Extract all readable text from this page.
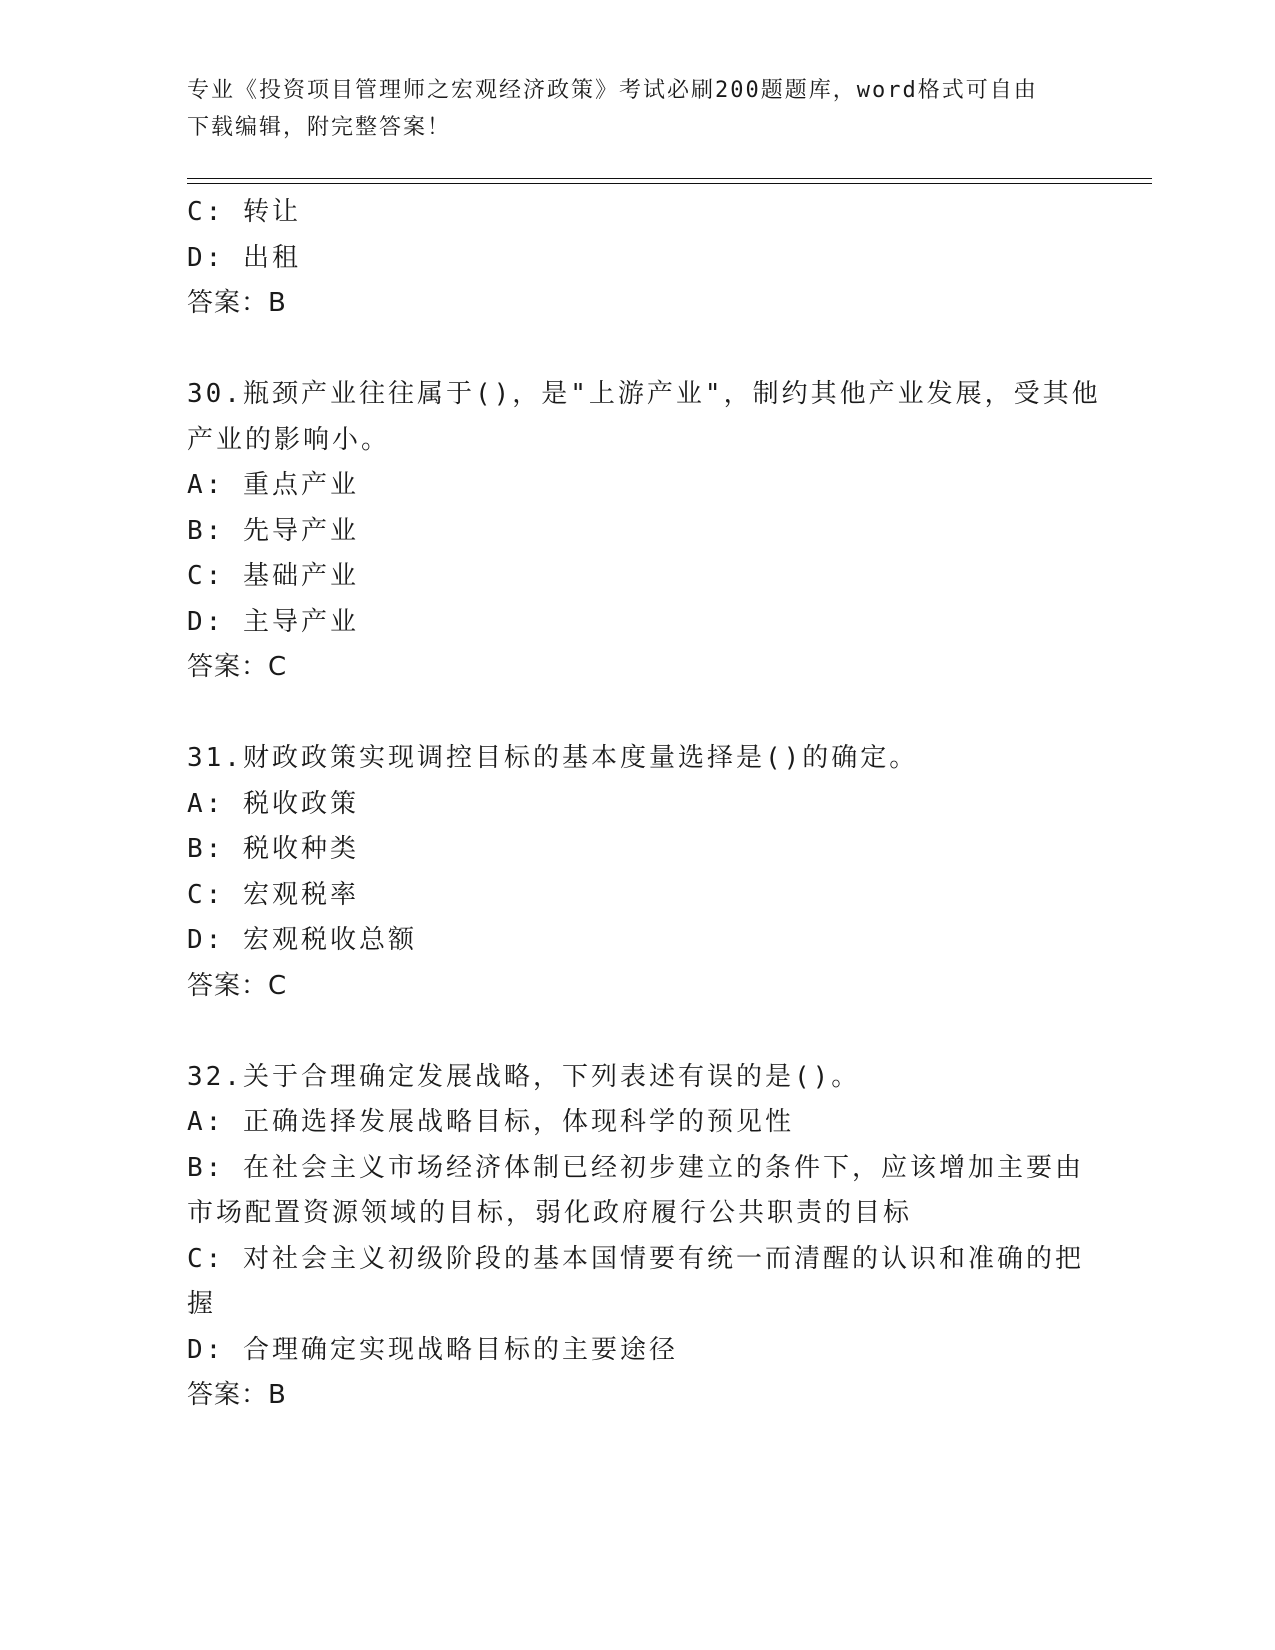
专业《投资项目管理师之宏观经济政策》考试必刷200题题库，word格式可自由
下载编辑，附完整答案！

C: 转让

D: 出租

答案：B

30.瓶颈产业往往属于()，是"上游产业"，制约其他产业发展，受其他

产业的影响小。

A: 重点产业

B: 先导产业

C: 基础产业

D: 主导产业

答案：C

31.财政政策实现调控目标的基本度量选择是()的确定。

A: 税收政策

B: 税收种类

C: 宏观税率

D: 宏观税收总额

答案：C

32.关于合理确定发展战略，下列表述有误的是()。

A: 正确选择发展战略目标，体现科学的预见性

B: 在社会主义市场经济体制已经初步建立的条件下，应该增加主要由

市场配置资源领域的目标，弱化政府履行公共职责的目标

C: 对社会主义初级阶段的基本国情要有统一而清醒的认识和准确的把

握

D: 合理确定实现战略目标的主要途径

答案：B
